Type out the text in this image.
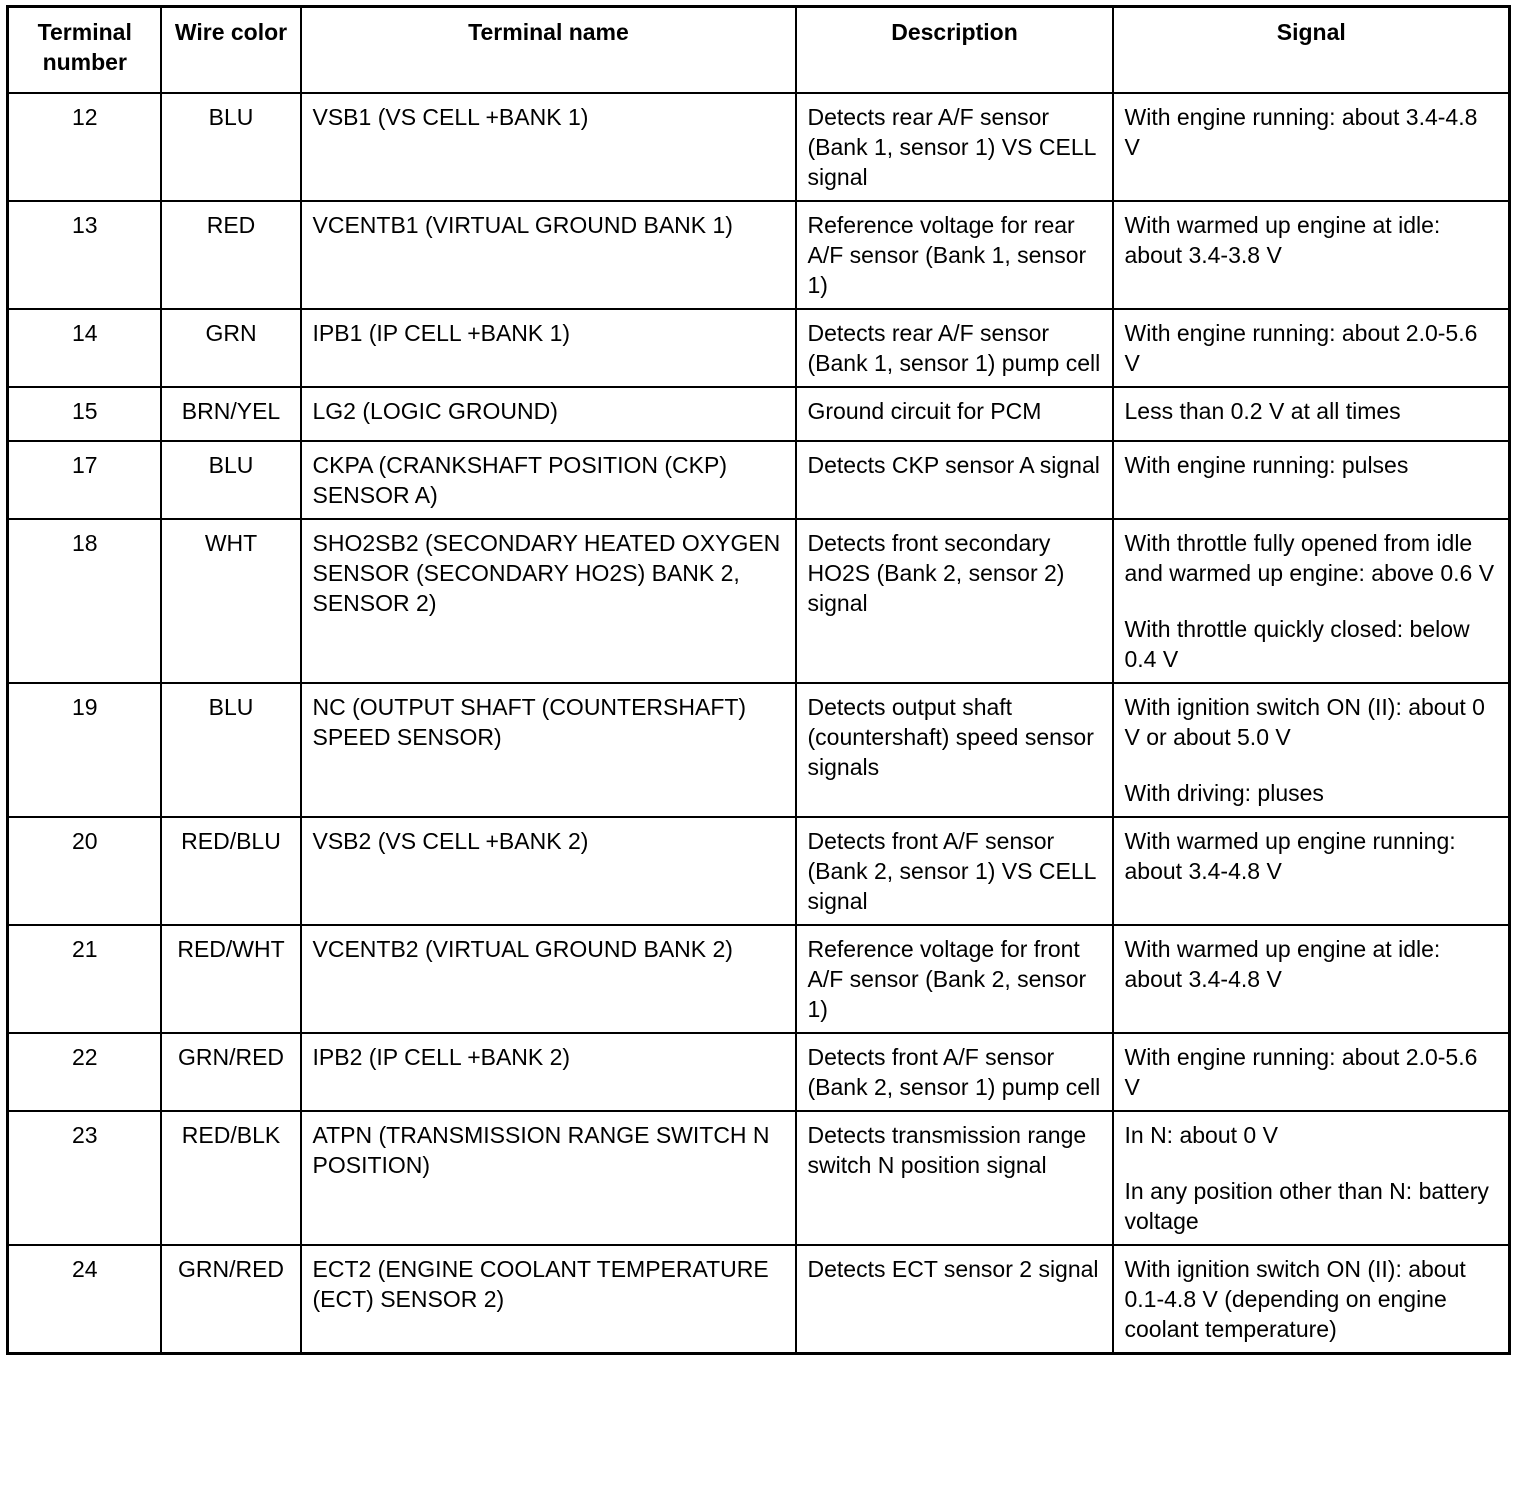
Terminal number	Wire color	Terminal name	Description	Signal
12	BLU	VSB1 (VS CELL +BANK 1)	Detects rear A/F sensor (Bank 1, sensor 1) VS CELL signal	With engine running: about 3.4-4.8 V

13	RED	VCENTB1 (VIRTUAL GROUND BANK 1)	Reference voltage for rear A/F sensor (Bank 1, sensor 1)	With warmed up engine at idle: about 3.4-3.8 V

14	GRN	IPB1 (IP CELL +BANK 1)	Detects rear A/F sensor (Bank 1, sensor 1) pump cell	With engine running: about 2.0-5.6 V

15	BRN/YEL	LG2 (LOGIC GROUND)	Ground circuit for PCM	Less than 0.2 V at all times

17	BLU	CKPA (CRANKSHAFT POSITION (CKP) SENSOR A)	Detects CKP sensor A signal	With engine running: pulses

18	WHT	SHO2SB2 (SECONDARY HEATED OXYGEN SENSOR (SECONDARY HO2S) BANK 2, SENSOR 2)	Detects front secondary HO2S (Bank 2, sensor 2) signal	With throttle fully opened from idle and warmed up engine: above 0.6 V
With throttle quickly closed: below 0.4 V

19	BLU	NC (OUTPUT SHAFT (COUNTERSHAFT) SPEED SENSOR)	Detects output shaft (countershaft) speed sensor signals	With ignition switch ON (II): about 0 V or about 5.0 V
With driving: pluses

20	RED/BLU	VSB2 (VS CELL +BANK 2)	Detects front A/F sensor (Bank 2, sensor 1) VS CELL signal	With warmed up engine running: about 3.4-4.8 V

21	RED/WHT	VCENTB2 (VIRTUAL GROUND BANK 2)	Reference voltage for front A/F sensor (Bank 2, sensor 1)	With warmed up engine at idle: about 3.4-4.8 V

22	GRN/RED	IPB2 (IP CELL +BANK 2)	Detects front A/F sensor (Bank 2, sensor 1) pump cell	With engine running: about 2.0-5.6 V

23	RED/BLK	ATPN (TRANSMISSION RANGE SWITCH N POSITION)	Detects transmission range switch N position signal	In N: about 0 V
In any position other than N: battery voltage

24	GRN/RED	ECT2 (ENGINE COOLANT TEMPERATURE (ECT) SENSOR 2)	Detects ECT sensor 2 signal	With ignition switch ON (II): about 0.1-4.8 V (depending on engine coolant temperature)
